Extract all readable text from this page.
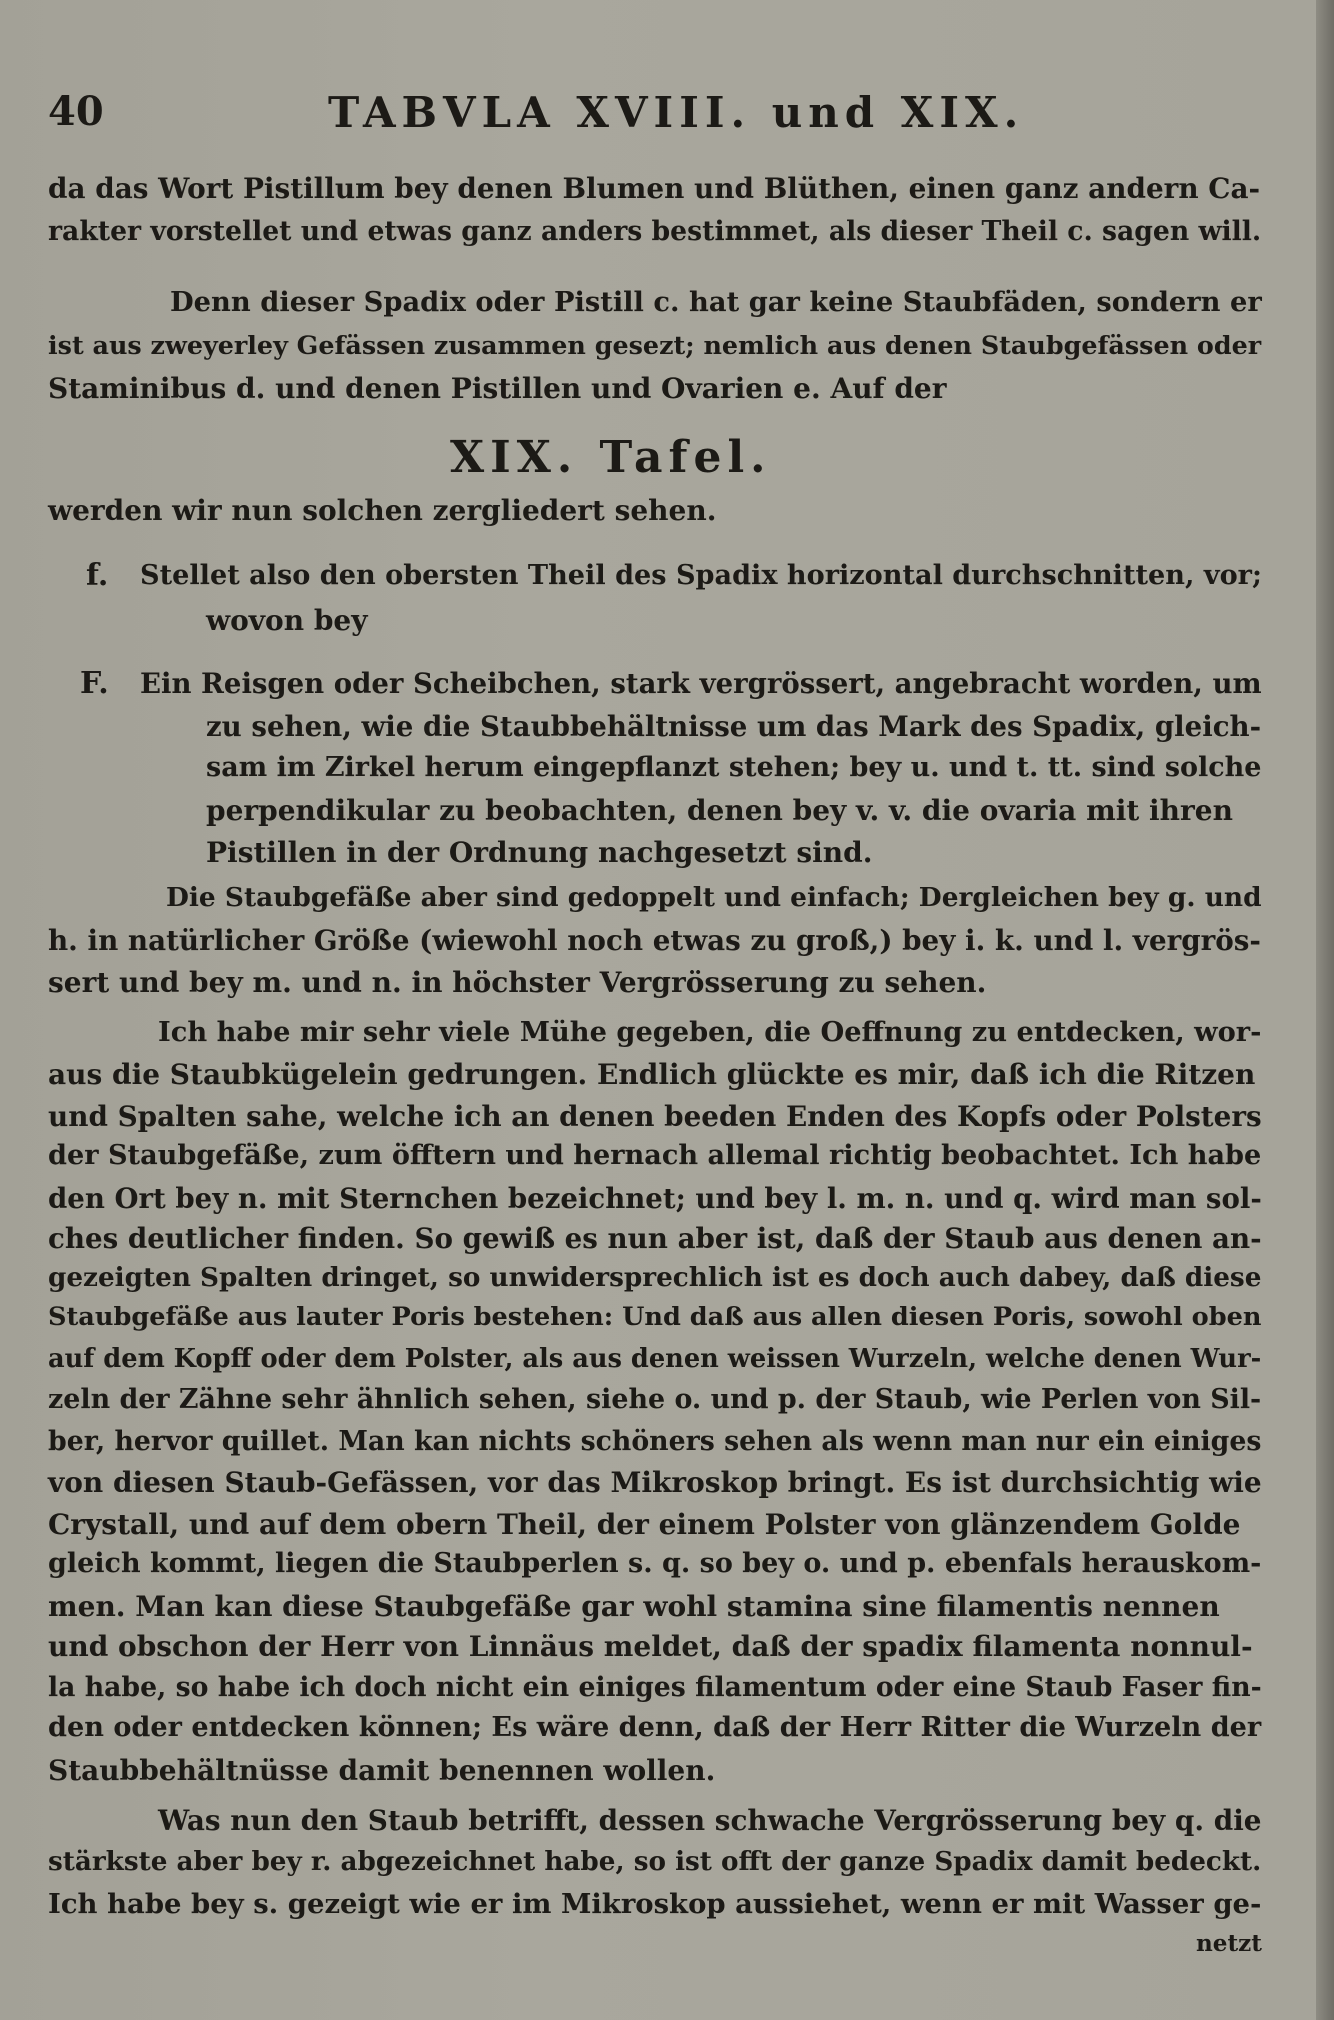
40	TABVLA XVIII. und XIX.
da das Wort Pistillum bey denen Blumen und Blüthen, einen ganz andern Ca-
rakter vorstellet und etwas ganz anders bestimmet, als dieser Theil c. sagen will.
Denn dieser Spadix oder Pistill c. hat gar keine Staubfäden, sondern er
ist aus zweyerley Gefässen zusammen gesezt; nemlich aus denen Staubgefässen oder
Staminibus d. und denen Pistillen und Ovarien e. Auf der
XIX. Tafel.
werden wir nun solchen zergliedert sehen.
f. Stellet also den obersten Theil des Spadix horizontal durchschnitten, vor;
wovon bey
F. Ein Reisgen oder Scheibchen, stark vergrössert, angebracht worden, um
zu sehen, wie die Staubbehältnisse um das Mark des Spadix, gleich-
sam im Zirkel herum eingepflanzt stehen; bey u. und t. tt. sind solche
perpendikular zu beobachten, denen bey v. v. die ovaria mit ihren
Pistillen in der Ordnung nachgesetzt sind.
Die Staubgefäße aber sind gedoppelt und einfach; Dergleichen bey g. und
h. in natürlicher Größe (wiewohl noch etwas zu groß,) bey i. k. und l. vergrös-
sert und bey m. und n. in höchster Vergrösserung zu sehen.
Ich habe mir sehr viele Mühe gegeben, die Oeffnung zu entdecken, wor-
aus die Staubkügelein gedrungen. Endlich glückte es mir, daß ich die Ritzen
und Spalten sahe, welche ich an denen beeden Enden des Kopfs oder Polsters
der Staubgefäße, zum öfftern und hernach allemal richtig beobachtet. Ich habe
den Ort bey n. mit Sternchen bezeichnet; und bey l. m. n. und q. wird man sol-
ches deutlicher finden. So gewiß es nun aber ist, daß der Staub aus denen an-
gezeigten Spalten dringet, so unwidersprechlich ist es doch auch dabey, daß diese
Staubgefäße aus lauter Poris bestehen: Und daß aus allen diesen Poris, sowohl oben
auf dem Kopff oder dem Polster, als aus denen weissen Wurzeln, welche denen Wur-
zeln der Zähne sehr ähnlich sehen, siehe o. und p. der Staub, wie Perlen von Sil-
ber, hervor quillet. Man kan nichts schöners sehen als wenn man nur ein einiges
von diesen Staub-Gefässen, vor das Mikroskop bringt. Es ist durchsichtig wie
Crystall, und auf dem obern Theil, der einem Polster von glänzendem Golde
gleich kommt, liegen die Staubperlen s. q. so bey o. und p. ebenfals herauskom-
men. Man kan diese Staubgefäße gar wohl stamina sine filamentis nennen
und obschon der Herr von Linnäus meldet, daß der spadix filamenta nonnul-
la habe, so habe ich doch nicht ein einiges filamentum oder eine Staub Faser fin-
den oder entdecken können; Es wäre denn, daß der Herr Ritter die Wurzeln der
Staubbehältnüsse damit benennen wollen.
Was nun den Staub betrifft, dessen schwache Vergrösserung bey q. die
stärkste aber bey r. abgezeichnet habe, so ist offt der ganze Spadix damit bedeckt.
Ich habe bey s. gezeigt wie er im Mikroskop aussiehet, wenn er mit Wasser ge-
netzt
